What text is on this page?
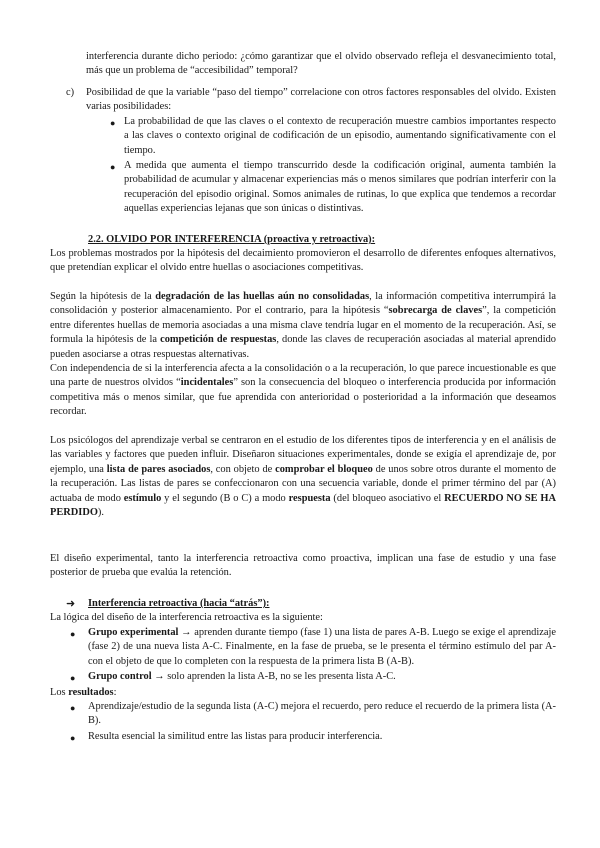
interferencia durante dicho periodo: ¿cómo garantizar que el olvido observado refleja el desvanecimiento total, más que un problema de “accesibilidad” temporal?

c) Posibilidad de que la variable “paso del tiempo” correlacione con otros factores responsables del olvido. Existen varias posibilidades:

● La probabilidad de que las claves o el contexto de recuperación muestre cambios importantes respecto a las claves o contexto original de codificación de un episodio, aumentando significativamente con el tiempo.

● A medida que aumenta el tiempo transcurrido desde la codificación original, aumenta también la probabilidad de acumular y almacenar experiencias más o menos similares que podrían interferir con la recuperación del episodio original. Somos animales de rutinas, lo que explica que tendemos a recordar aquellas experiencias lejanas que son únicas o distintivas.

2.2. OLVIDO POR INTERFERENCIA (proactiva y retroactiva):

Los problemas mostrados por la hipótesis del decaimiento promovieron el desarrollo de diferentes enfoques alternativos, que pretendían explicar el olvido entre huellas o asociaciones competitivas.

Según la hipótesis de la degradación de las huellas aún no consolidadas, la información competitiva interrumpirá la consolidación y posterior almacenamiento. Por el contrario, para la hipótesis “sobrecarga de claves”, la competición entre diferentes huellas de memoria asociadas a una misma clave tendría lugar en el momento de la recuperación. Así, se formula la hipótesis de la competición de respuestas, donde las claves de recuperación asociadas al material aprendido pueden asociarse a otras respuestas alternativas.

Con independencia de si la interferencia afecta a la consolidación o a la recuperación, lo que parece incuestionable es que una parte de nuestros olvidos “incidentales” son la consecuencia del bloqueo o interferencia producida por información competitiva más o menos similar, que fue aprendida con anterioridad o posterioridad a la información que deseamos recordar.

Los psicólogos del aprendizaje verbal se centraron en el estudio de los diferentes tipos de interferencia y en el análisis de las variables y factores que pueden influir. Diseñaron situaciones experimentales, donde se exigía el aprendizaje de, por ejemplo, una lista de pares asociados, con objeto de comprobar el bloqueo de unos sobre otros durante el momento de la recuperación. Las listas de pares se confeccionaron con una secuencia variable, donde el primer término del par (A) actuaba de modo estímulo y el segundo (B o C) a modo respuesta (del bloqueo asociativo el RECUERDO NO SE HA PERDIDO).

El diseño experimental, tanto la interferencia retroactiva como proactiva, implican una fase de estudio y una fase posterior de prueba que evalúa la retención.

➜ Interferencia retroactiva (hacia “atrás”):
La lógica del diseño de la interferencia retroactiva es la siguiente:
● Grupo experimental → aprenden durante tiempo (fase 1) una lista de pares A-B. Luego se exige el aprendizaje (fase 2) de una nueva lista A-C. Finalmente, en la fase de prueba, se le presenta el término estímulo del par A- con el objeto de que lo completen con la respuesta de la primera lista B (A-B).

● Grupo control → solo aprenden la lista A-B, no se les presenta lista A-C.

Los resultados:
● Aprendizaje/estudio de la segunda lista (A-C) mejora el recuerdo, pero reduce el recuerdo de la primera lista (A-B).

● Resulta esencial la similitud entre las listas para producir interferencia.
